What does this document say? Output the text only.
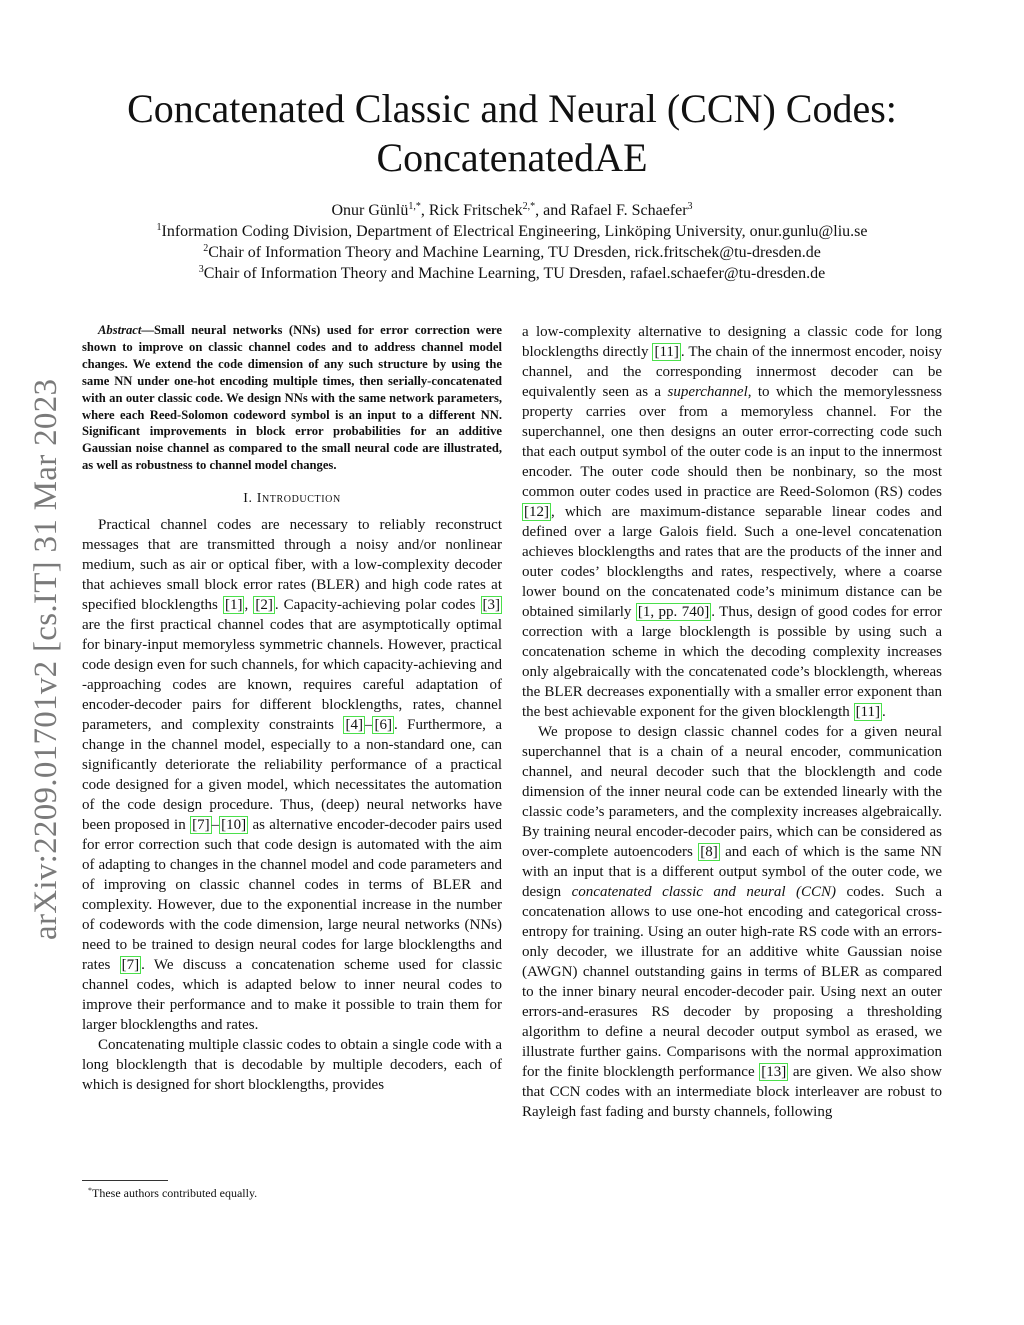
Concatenated Classic and Neural (CCN) Codes:
ConcatenatedAE
Onur Günlü$^{1,*}$, Rick Fritschek$^{2,*}$, and Rafael F. Schaefer$^3$
$^1$Information Coding Division, Department of Electrical Engineering, Linköping University, onur.gunlu@liu.se
$^2$Chair of Information Theory and Machine Learning, TU Dresden, rick.fritschek@tu-dresden.de
$^3$Chair of Information Theory and Machine Learning, TU Dresden, rafael.schaefer@tu-dresden.de
arXiv:2209.01701v2 [cs.IT] 31 Mar 2023

Abstract—Small neural networks (NNs) used for error correction were shown to improve on classic channel codes and to address channel model changes. We extend the code dimension of any such structure by using the same NN under one-hot encoding multiple times, then serially-concatenated with an outer classic code. We design NNs with the same network parameters, where each Reed-Solomon codeword symbol is an input to a different NN. Significant improvements in block error probabilities for an additive Gaussian noise channel as compared to the small neural code are illustrated, as well as robustness to channel model changes.

I. Introduction

Practical channel codes are necessary to reliably reconstruct messages that are transmitted through a noisy and/or nonlinear medium, such as air or optical fiber, with a low-complexity decoder that achieves small block error rates (BLER) and high code rates at specified blocklengths [1] , [2] . Capacity-achieving polar codes [3] are the first practical channel codes that are asymptotically optimal for binary-input memoryless symmetric channels. However, practical code design even for such channels, for which capacity-achieving and -approaching codes are known, requires careful adaptation of encoder-decoder pairs for different blocklengths, rates, channel parameters, and complexity constraints [4] – [6] . Furthermore, a change in the channel model, especially to a non-standard one, can significantly deteriorate the reliability performance of a practical code designed for a given model, which necessitates the automation of the code design procedure. Thus, (deep) neural networks have been proposed in [7] – [10] as alternative encoder-decoder pairs used for error correction such that code design is automated with the aim of adapting to changes in the channel model and code parameters and of improving on classic channel codes in terms of BLER and complexity. However, due to the exponential increase in the number of codewords with the code dimension, large neural networks (NNs) need to be trained to design neural codes for large blocklengths and rates [7] . We discuss a concatenation scheme used for classic channel codes, which is adapted below to inner neural codes to improve their performance and to make it possible to train them for larger blocklengths and rates.

Concatenating multiple classic codes to obtain a single code with a long blocklength that is decodable by multiple decoders, each of which is designed for short blocklengths, provides

a low-complexity alternative to designing a classic code for long blocklengths directly [11] . The chain of the innermost encoder, noisy channel, and the corresponding innermost decoder can be equivalently seen as a superchannel, to which the memorylessness property carries over from a memoryless channel. For the superchannel, one then designs an outer error-correcting code such that each output symbol of the outer code is an input to the innermost encoder. The outer code should then be nonbinary, so the most common outer codes used in practice are Reed-Solomon (RS) codes [12] , which are maximum-distance separable linear codes and defined over a large Galois field. Such a one-level concatenation achieves blocklengths and rates that are the products of the inner and outer codes’ blocklengths and rates, respectively, where a coarse lower bound on the concatenated code’s minimum distance can be obtained similarly [1, pp. 740] . Thus, design of good codes for error correction with a large blocklength is possible by using such a concatenation scheme in which the decoding complexity increases only algebraically with the concatenated code’s blocklength, whereas the BLER decreases exponentially with a smaller error exponent than the best achievable exponent for the given blocklength [11] .

We propose to design classic channel codes for a given neural superchannel that is a chain of a neural encoder, communication channel, and neural decoder such that the blocklength and code dimension of the inner neural code can be extended linearly with the classic code’s parameters, and the complexity increases algebraically. By training neural encoder-decoder pairs, which can be considered as over-complete autoencoders [8] and each of which is the same NN with an input that is a different output symbol of the outer code, we design concatenated classic and neural (CCN) codes. Such a concatenation allows to use one-hot encoding and categorical cross-entropy for training. Using an outer high-rate RS code with an errors-only decoder, we illustrate for an additive white Gaussian noise (AWGN) channel outstanding gains in terms of BLER as compared to the inner binary neural encoder-decoder pair. Using next an outer errors-and-erasures RS decoder by proposing a thresholding algorithm to define a neural decoder output symbol as erased, we illustrate further gains. Comparisons with the normal approximation for the finite blocklength performance [13] are given. We also show that CCN codes with an intermediate block interleaver are robust to Rayleigh fast fading and bursty channels, following

*These authors contributed equally.
